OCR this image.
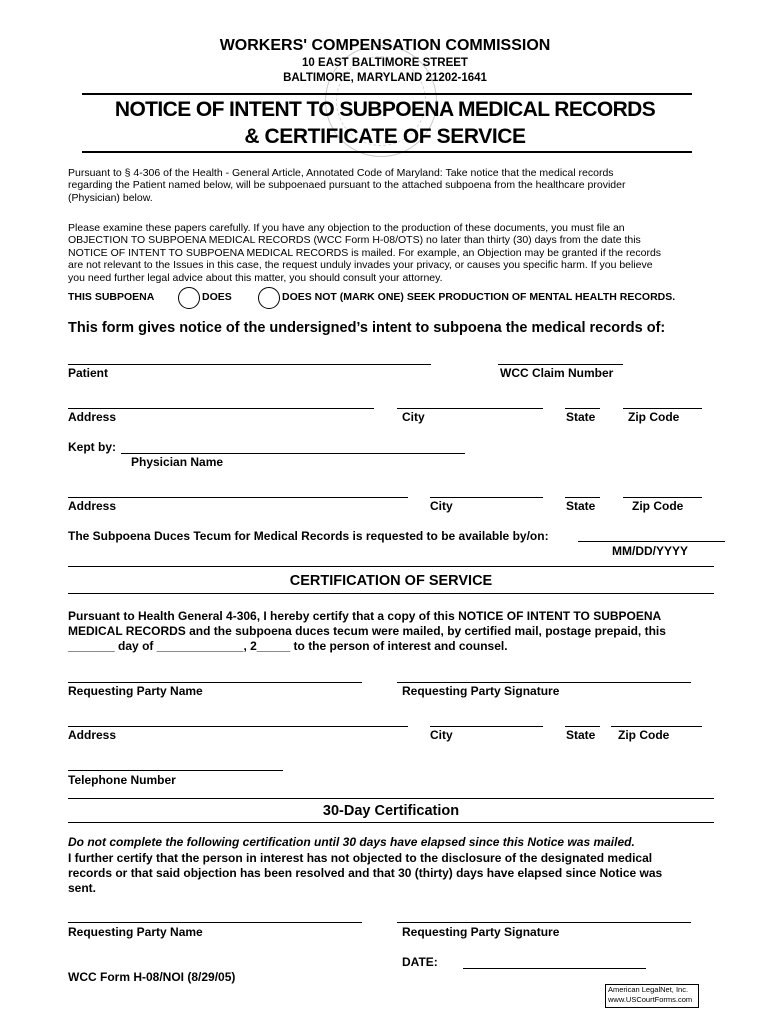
WORKERS' COMPENSATION COMMISSION
10 EAST BALTIMORE STREET
BALTIMORE, MARYLAND 21202-1641
NOTICE OF INTENT TO SUBPOENA MEDICAL RECORDS
& CERTIFICATE OF SERVICE
Pursuant to § 4-306 of the Health - General Article, Annotated Code of Maryland: Take notice that the medical records
regarding the Patient named below, will be subpoenaed pursuant to the attached subpoena from the healthcare provider
(Physician) below.
Please examine these papers carefully. If you have any objection to the production of these documents, you must file an
OBJECTION TO SUBPOENA MEDICAL RECORDS (WCC Form H-08/OTS) no later than thirty (30) days from the date this
NOTICE OF INTENT TO SUBPOENA MEDICAL RECORDS is mailed. For example, an Objection may be granted if the records
are not relevant to the Issues in this case, the request unduly invades your privacy, or causes you specific harm. If you believe
you need further legal advice about this matter, you should consult your attorney.
THIS SUBPOENA	DOES	DOES NOT (MARK ONE) SEEK PRODUCTION OF MENTAL HEALTH RECORDS.
This form gives notice of the undersigned’s intent to subpoena the medical records of:
Patient	WCC Claim Number
Address	City	State	Zip Code
Kept by:
Physician Name
Address	City	State	Zip Code
The Subpoena Duces Tecum for Medical Records is requested to be available by/on:
MM/DD/YYYY
CERTIFICATION OF SERVICE
Pursuant to Health General 4-306, I hereby certify that a copy of this NOTICE OF INTENT TO SUBPOENA
MEDICAL RECORDS and the subpoena duces tecum were mailed, by certified mail, postage prepaid, this
_______ day of _____________, 2_____ to the person of interest and counsel.
Requesting Party Name	Requesting Party Signature
Address	City	State Zip Code
Telephone Number
30-Day Certification
Do not complete the following certification until 30 days have elapsed since this Notice was mailed.
I further certify that the person in interest has not objected to the disclosure of the designated medical
records or that said objection has been resolved and that 30 (thirty) days have elapsed since Notice was
sent.
Requesting Party Name	Requesting Party Signature
DATE:
WCC Form H-08/NOI (8/29/05)
American LegalNet, Inc.
www.USCourtForms.com
